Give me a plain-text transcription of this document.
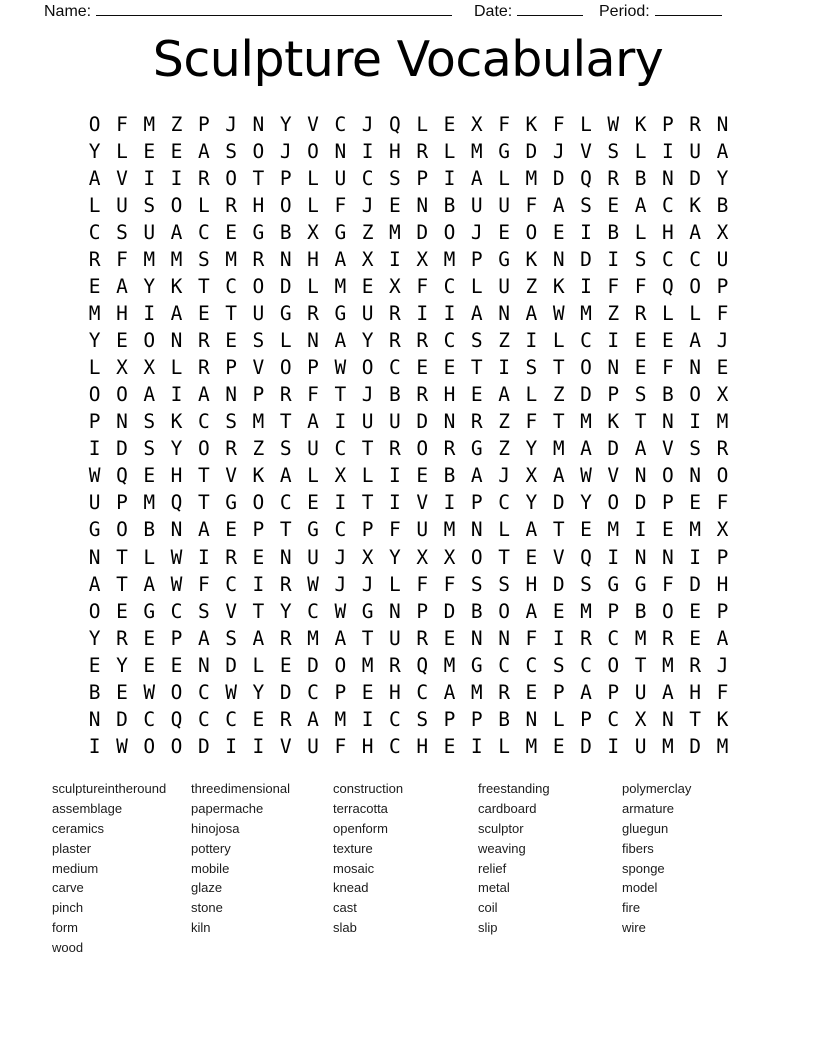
Name:	Date:	Period:
Sculpture Vocabulary
O F M Z P J N Y V C J Q L E X F K F L W K P R N
Y L E E A S O J O N I H R L M G D J V S L I U A
A V I I R O T P L U C S P I A L M D Q R B N D Y
L U S O L R H O L F J E N B U U F A S E A C K B
C S U A C E G B X G Z M D O J E O E I B L H A X
R F M M S M R N H A X I X M P G K N D I S C C U
E A Y K T C O D L M E X F C L U Z K I F F Q O P
M H I A E T U G R G U R I I A N A W M Z R L L F
Y E O N R E S L N A Y R R C S Z I L C I E E A J
L X X L R P V O P W O C E E T I S T O N E F N E
O O A I A N P R F T J B R H E A L Z D P S B O X
P N S K C S M T A I U U D N R Z F T M K T N I M
I D S Y O R Z S U C T R O R G Z Y M A D A V S R
W Q E H T V K A L X L I E B A J X A W V N O N O
U P M Q T G O C E I T I V I P C Y D Y O D P E F
G O B N A E P T G C P F U M N L A T E M I E M X
N T L W I R E N U J X Y X X O T E V Q I N N I P
A T A W F C I R W J J L F F S S H D S G G F D H
O E G C S V T Y C W G N P D B O A E M P B O E P
Y R E P A S A R M A T U R E N N F I R C M R E A
E Y E E N D L E D O M R Q M G C C S C O T M R J
B E W O C W Y D C P E H C A M R E P A P U A H F
N D C Q C C E R A M I C S P P B N L P C X N T K
I W O O D I I V U F H C H E I L M E D I U M D M
sculptureintheround
assemblage
ceramics
plaster
medium
carve
pinch
form
wood
threedimensional
papermache
hinojosa
pottery
mobile
glaze
stone
kiln
construction
terracotta
openform
texture
mosaic
knead
cast
slab
freestanding
cardboard
sculptor
weaving
relief
metal
coil
slip
polymerclay
armature
gluegun
fibers
sponge
model
fire
wire
